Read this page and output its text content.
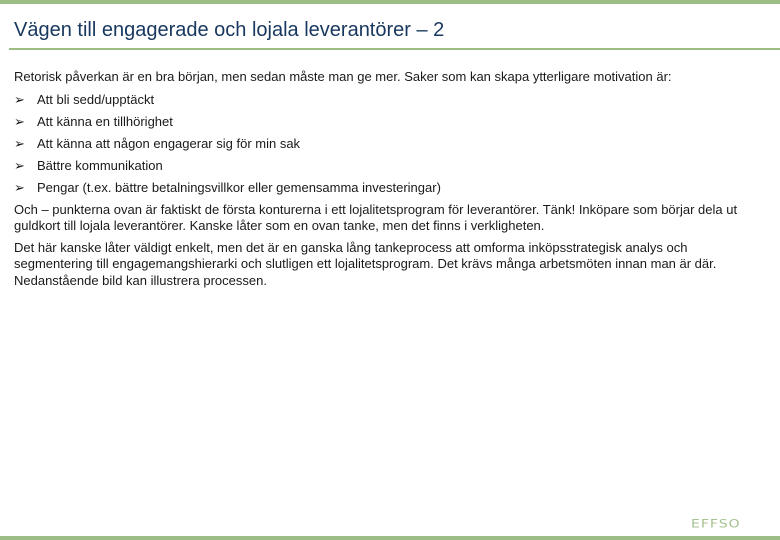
Vägen till engagerade och lojala leverantörer – 2

Retorisk påverkan är en bra början, men sedan måste man ge mer. Saker som kan skapa ytterligare motivation är:

➢ Att bli sedd/upptäckt
➢ Att känna en tillhörighet
➢ Att känna att någon engagerar sig för min sak
➢ Bättre kommunikation
➢ Pengar (t.ex. bättre betalningsvillkor eller gemensamma investeringar)

Och – punkterna ovan är faktiskt de första konturerna i ett lojalitetsprogram för leverantörer. Tänk! Inköpare som börjar dela ut guldkort till lojala leverantörer. Kanske låter som en ovan tanke, men det finns i verkligheten.

Det här kanske låter väldigt enkelt, men det är en ganska lång tankeprocess att omforma inköpsstrategisk analys och segmentering till engagemangshierarki och slutligen ett lojalitetsprogram. Det krävs många arbetsmöten innan man är där. Nedanstående bild kan illustrera processen.

EFFSO
